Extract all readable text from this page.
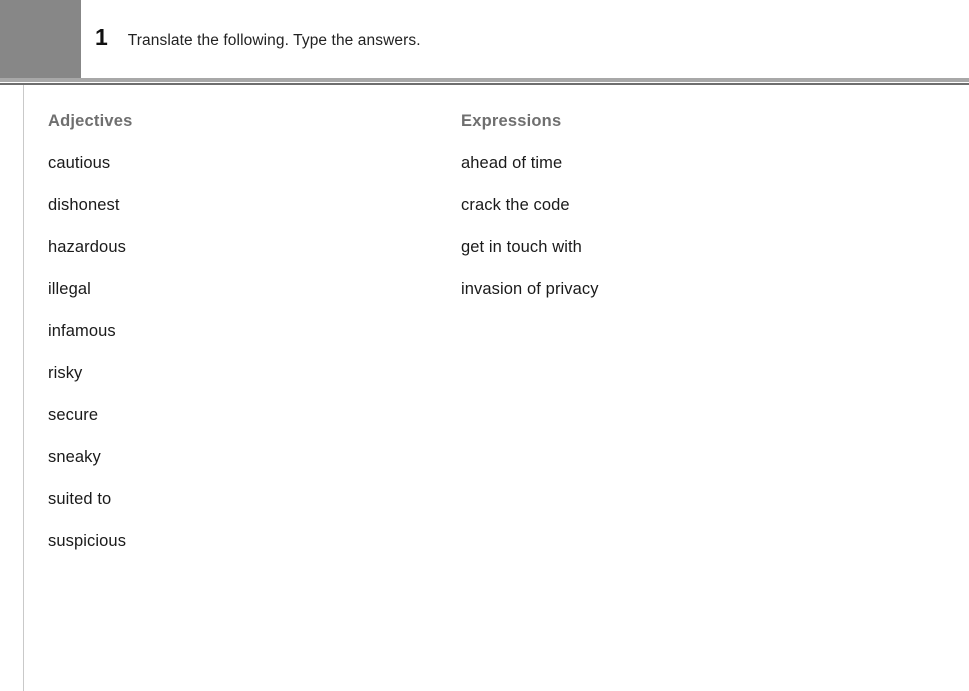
1 Translate the following. Type the answers.
Adjectives
cautious
dishonest
hazardous
illegal
infamous
risky
secure
sneaky
suited to
suspicious
Expressions
ahead of time
crack the code
get in touch with
invasion of privacy
